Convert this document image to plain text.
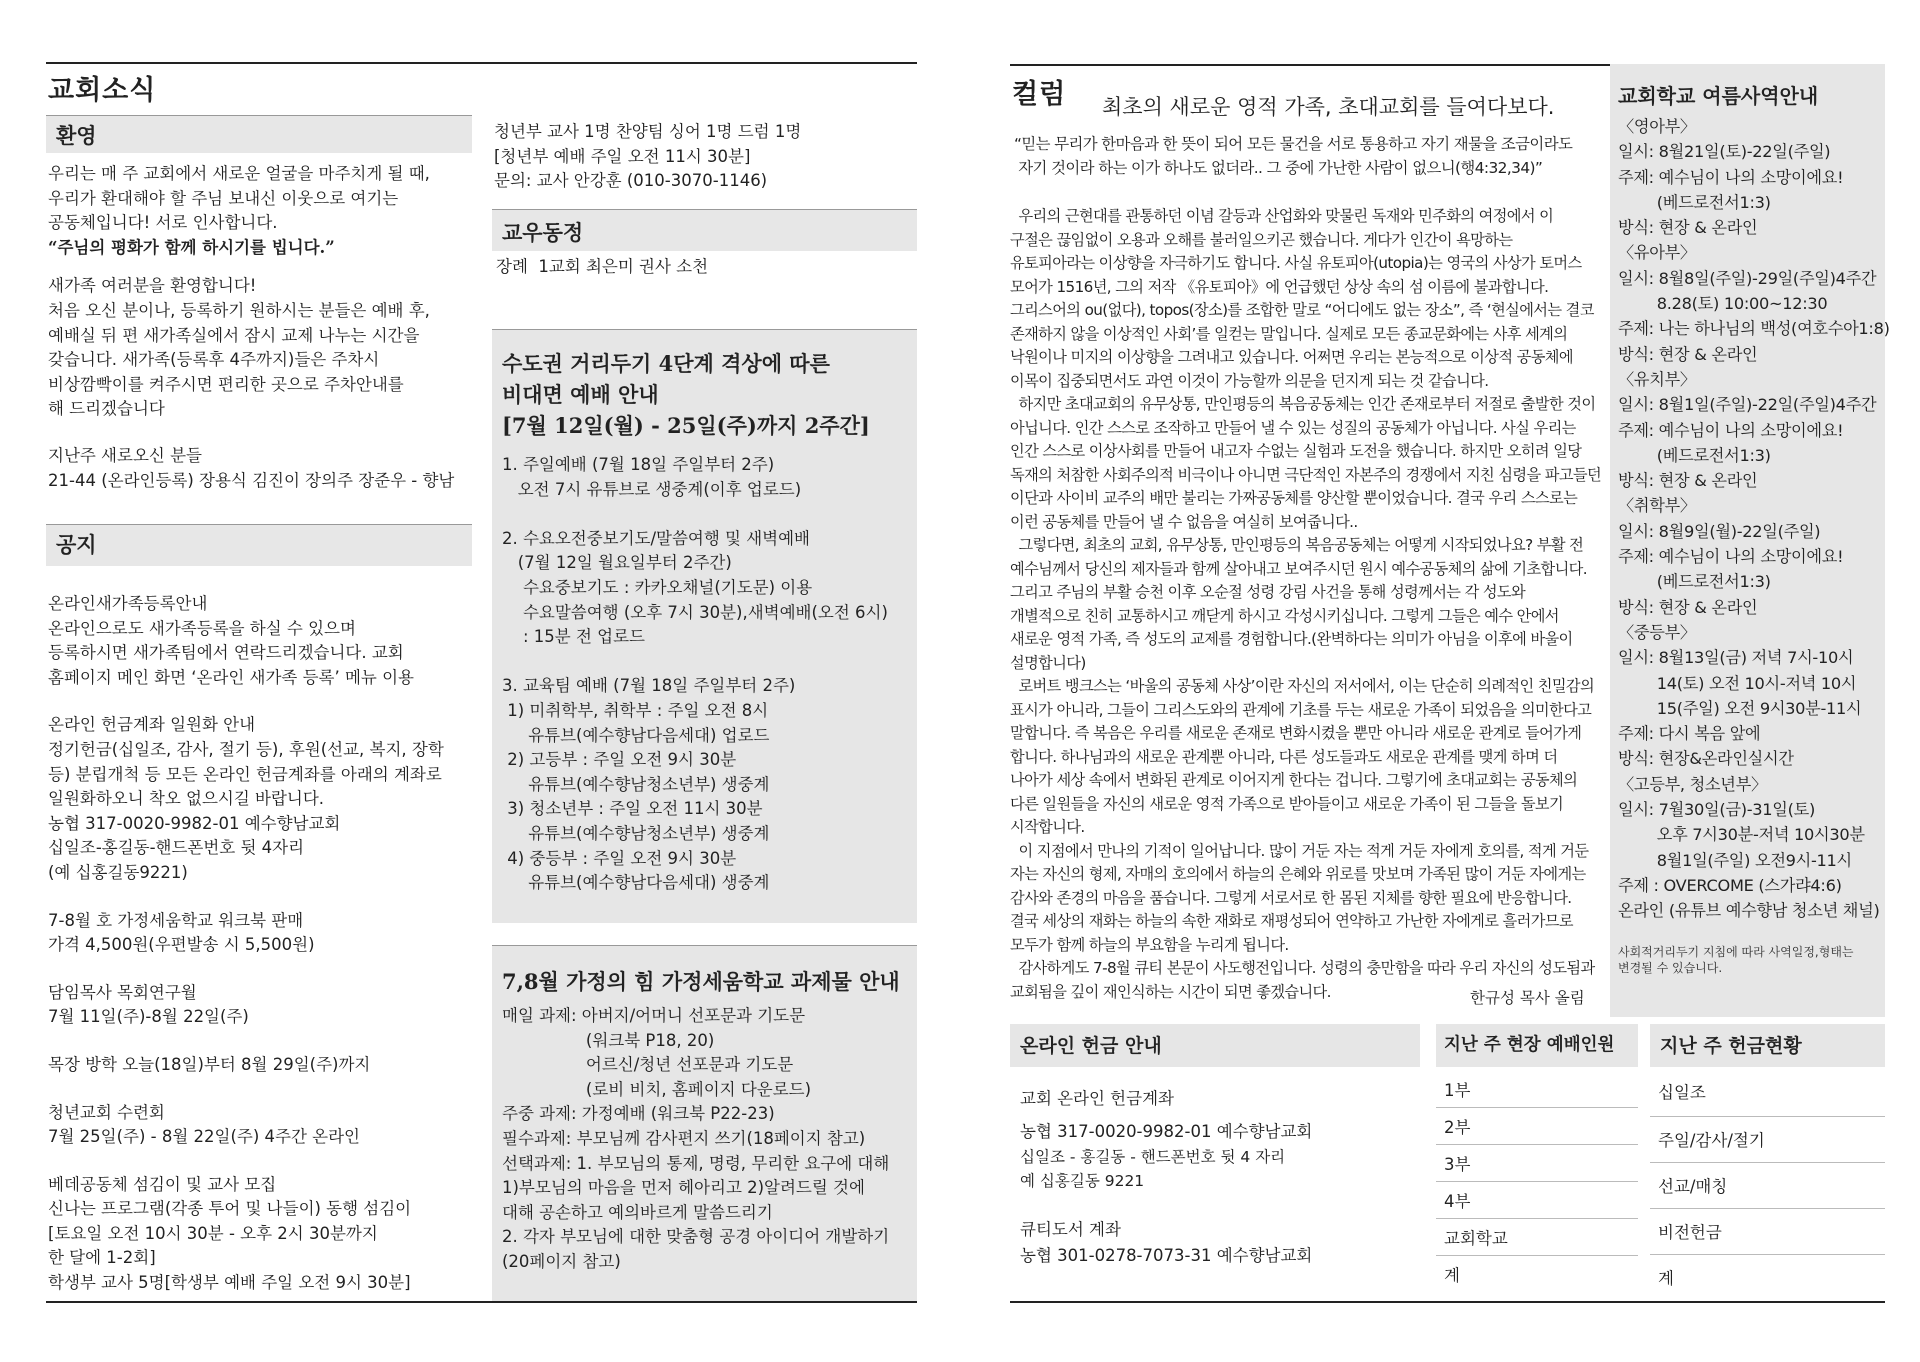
교회소식
환영
우리는 매 주 교회에서 새로운 얼굴을 마주치게 될 때,
우리가 환대해야 할 주님 보내신 이웃으로 여기는
공동체입니다! 서로 인사합니다.
“주님의 평화가 함께 하시기를 빕니다.”
새가족 여러분을 환영합니다!
처음 오신 분이나, 등록하기 원하시는 분들은 예배 후,
예배실 뒤 편 새가족실에서 잠시 교제 나누는 시간을
갖습니다. 새가족(등록후 4주까지)들은 주차시
비상깜빡이를 켜주시면 편리한 곳으로 주차안내를
해 드리겠습니다
지난주 새로오신 분들
21-44 (온라인등록) 장용식 김진이 장의주 장준우 - 향남
공지
온라인새가족등록안내
온라인으로도 새가족등록을 하실 수 있으며
등록하시면 새가족팀에서 연락드리겠습니다. 교회
홈페이지 메인 화면 ‘온라인 새가족 등록’ 메뉴 이용
온라인 헌금계좌 일원화 안내
정기헌금(십일조, 감사, 절기 등), 후원(선교, 복지, 장학
등) 분립개척 등 모든 온라인 헌금계좌를 아래의 계좌로
일원화하오니 착오 없으시길 바랍니다.
농협 317-0020-9982-01 예수향남교회
십일조-홍길동-핸드폰번호 뒷 4자리
(예 십홍길동9221)
7-8월 호 가정세움학교 워크북 판매
가격 4,500원(우편발송 시 5,500원)
담임목사 목회연구월
7월 11일(주)-8월 22일(주)
목장 방학 오늘(18일)부터 8월 29일(주)까지
청년교회 수련회
7월 25일(주) - 8월 22일(주) 4주간 온라인
베데공동체 섬김이 및 교사 모집
신나는 프로그램(각종 투어 및 나들이) 동행 섬김이
[토요일 오전 10시 30분 - 오후 2시 30분까지
한 달에 1-2회]
학생부 교사 5명[학생부 예배 주일 오전 9시 30분]
청년부 교사 1명 찬양팀 싱어 1명 드럼 1명
[청년부 예배 주일 오전 11시 30분]
문의: 교사 안강훈 (010-3070-1146)
교우동정
장례  1교회 최은미 권사 소천
수도권 거리두기 4단계 격상에 따른
비대면 예배 안내
[7월 12일(월) - 25일(주)까지 2주간]
1. 주일예배 (7월 18일 주일부터 2주)
오전 7시 유튜브로 생중계(이후 업로드)

2. 수요오전중보기도/말씀여행 및 새벽예배
(7월 12일 월요일부터 2주간)
수요중보기도 : 카카오채널(기도문) 이용
수요말씀여행 (오후 7시 30분),새벽예배(오전 6시)
: 15분 전 업로드

3. 교육팀 예배 (7월 18일 주일부터 2주)
1) 미취학부, 취학부 : 주일 오전 8시
유튜브(예수향남다음세대) 업로드
2) 고등부 : 주일 오전 9시 30분
유튜브(예수향남청소년부) 생중계
3) 청소년부 : 주일 오전 11시 30분
유튜브(예수향남청소년부) 생중계
4) 중등부 : 주일 오전 9시 30분
유튜브(예수향남다음세대) 생중계
7,8월 가정의 힘 가정세움학교 과제물 안내
매일 과제: 아버지/어머니 선포문과 기도문
(워크북 P18, 20)
어르신/청년 선포문과 기도문
(로비 비치, 홈페이지 다운로드)
주중 과제: 가정예배 (워크북 P22-23)
필수과제: 부모님께 감사편지 쓰기(18페이지 참고)
선택과제: 1. 부모님의 통제, 명령, 무리한 요구에 대해
1)부모님의 마음을 먼저 헤아리고 2)알려드릴 것에
대해 공손하고 예의바르게 말씀드리기
2. 각자 부모님에 대한 맞춤형 공경 아이디어 개발하기
(20페이지 참고)
컬럼 최초의 새로운 영적 가족, 초대교회를 들여다보다.
“믿는 무리가 한마음과 한 뜻이 되어 모든 물건을 서로 통용하고 자기 재물을 조금이라도
자기 것이라 하는 이가 하나도 없더라.. 그 중에 가난한 사람이 없으니(행4:32,34)”
우리의 근현대를 관통하던 이념 갈등과 산업화와 맞물린 독재와 민주화의 여정에서 이
구절은 끊임없이 오용과 오해를 불러일으키곤 했습니다. 게다가 인간이 욕망하는
유토피아라는 이상향을 자극하기도 합니다. 사실 유토피아(utopia)는 영국의 사상가 토머스
모어가 1516년, 그의 저작 《유토피아》에 언급했던 상상 속의 섬 이름에 불과합니다.
그리스어의 ou(없다), topos(장소)를 조합한 말로 “어디에도 없는 장소”, 즉 ‘현실에서는 결코
존재하지 않을 이상적인 사회’를 일컫는 말입니다. 실제로 모든 종교문화에는 사후 세계의
낙원이나 미지의 이상향을 그려내고 있습니다. 어쩌면 우리는 본능적으로 이상적 공동체에
이목이 집중되면서도 과연 이것이 가능할까 의문을 던지게 되는 것 같습니다.
하지만 초대교회의 유무상통, 만인평등의 복음공동체는 인간 존재로부터 저절로 출발한 것이
아닙니다. 인간 스스로 조작하고 만들어 낼 수 있는 성질의 공동체가 아닙니다. 사실 우리는
인간 스스로 이상사회를 만들어 내고자 수없는 실험과 도전을 했습니다. 하지만 오히려 일당
독재의 처참한 사회주의적 비극이나 아니면 극단적인 자본주의 경쟁에서 지친 심령을 파고들던
이단과 사이비 교주의 배만 불리는 가짜공동체를 양산할 뿐이었습니다. 결국 우리 스스로는
이런 공동체를 만들어 낼 수 없음을 여실히 보여줍니다..
그렇다면, 최초의 교회, 유무상통, 만인평등의 복음공동체는 어떻게 시작되었나요? 부활 전
예수님께서 당신의 제자들과 함께 살아내고 보여주시던 원시 예수공동체의 삶에 기초합니다.
그리고 주님의 부활 승천 이후 오순절 성령 강림 사건을 통해 성령께서는 각 성도와
개별적으로 친히 교통하시고 깨닫게 하시고 각성시키십니다. 그렇게 그들은 예수 안에서
새로운 영적 가족, 즉 성도의 교제를 경험합니다.(완벽하다는 의미가 아님을 이후에 바울이
설명합니다)
로버트 뱅크스는 ‘바울의 공동체 사상’이란 자신의 저서에서, 이는 단순히 의례적인 친밀감의
표시가 아니라, 그들이 그리스도와의 관계에 기초를 두는 새로운 가족이 되었음을 의미한다고
말합니다. 즉 복음은 우리를 새로운 존재로 변화시켰을 뿐만 아니라 새로운 관계로 들어가게
합니다. 하나님과의 새로운 관계뿐 아니라, 다른 성도들과도 새로운 관계를 맺게 하며 더
나아가 세상 속에서 변화된 관계로 이어지게 한다는 겁니다. 그렇기에 초대교회는 공동체의
다른 일원들을 자신의 새로운 영적 가족으로 받아들이고 새로운 가족이 된 그들을 돌보기
시작합니다.
이 지점에서 만나의 기적이 일어납니다. 많이 거둔 자는 적게 거둔 자에게 호의를, 적게 거둔
자는 자신의 형제, 자매의 호의에서 하늘의 은혜와 위로를 맛보며 가족된 많이 거둔 자에게는
감사와 존경의 마음을 품습니다. 그렇게 서로서로 한 몸된 지체를 향한 필요에 반응합니다.
결국 세상의 재화는 하늘의 속한 재화로 재평성되어 연약하고 가난한 자에게로 흘러가므로
모두가 함께 하늘의 부요함을 누리게 됩니다.
감사하게도 7-8월 큐티 본문이 사도행전입니다. 성령의 충만함을 따라 우리 자신의 성도됨과
교회됨을 깊이 재인식하는 시간이 되면 좋겠습니다.	한규성 목사 올림
교회학교 여름사역안내
〈영아부〉
일시: 8월21일(토)-22일(주일)
주제: 예수님이 나의 소망이에요!
(베드로전서1:3)
방식: 현장 & 온라인
〈유아부〉
일시: 8월8일(주일)-29일(주일)4주간
8.28(토) 10:00~12:30
주제: 나는 하나님의 백성(여호수아1:8)
방식: 현장 & 온라인
〈유치부〉
일시: 8월1일(주일)-22일(주일)4주간
주제: 예수님이 나의 소망이에요!
(베드로전서1:3)
방식: 현장 & 온라인
〈취학부〉
일시: 8월9일(월)-22일(주일)
주제: 예수님이 나의 소망이에요!
(베드로전서1:3)
방식: 현장 & 온라인
〈중등부〉
일시: 8월13일(금) 저녁 7시-10시
14(토) 오전 10시-저녁 10시
15(주일) 오전 9시30분-11시
주제: 다시 복음 앞에
방식: 현장&온라인실시간
〈고등부, 청소년부〉
일시: 7월30일(금)-31일(토)
오후 7시30분-저녁 10시30분
8월1일(주일) 오전9시-11시
주제 : OVERCOME (스가랴4:6)
온라인 (유튜브 예수향남 청소년 채널)
사회적거리두기 지침에 따라 사역일정,형태는
변경될 수 있습니다.
온라인 헌금 안내
교회 온라인 헌금계좌
농협 317-0020-9982-01 예수향남교회
십일조 - 홍길동 - 핸드폰번호 뒷 4 자리
예 십홍길동 9221
큐티도서 계좌
농협 301-0278-7073-31 예수향남교회
지난 주 현장 예배인원
1부
2부
3부
4부
교회학교
계
지난 주 헌금현황
십일조
주일/감사/절기
선교/매칭
비전헌금
계
